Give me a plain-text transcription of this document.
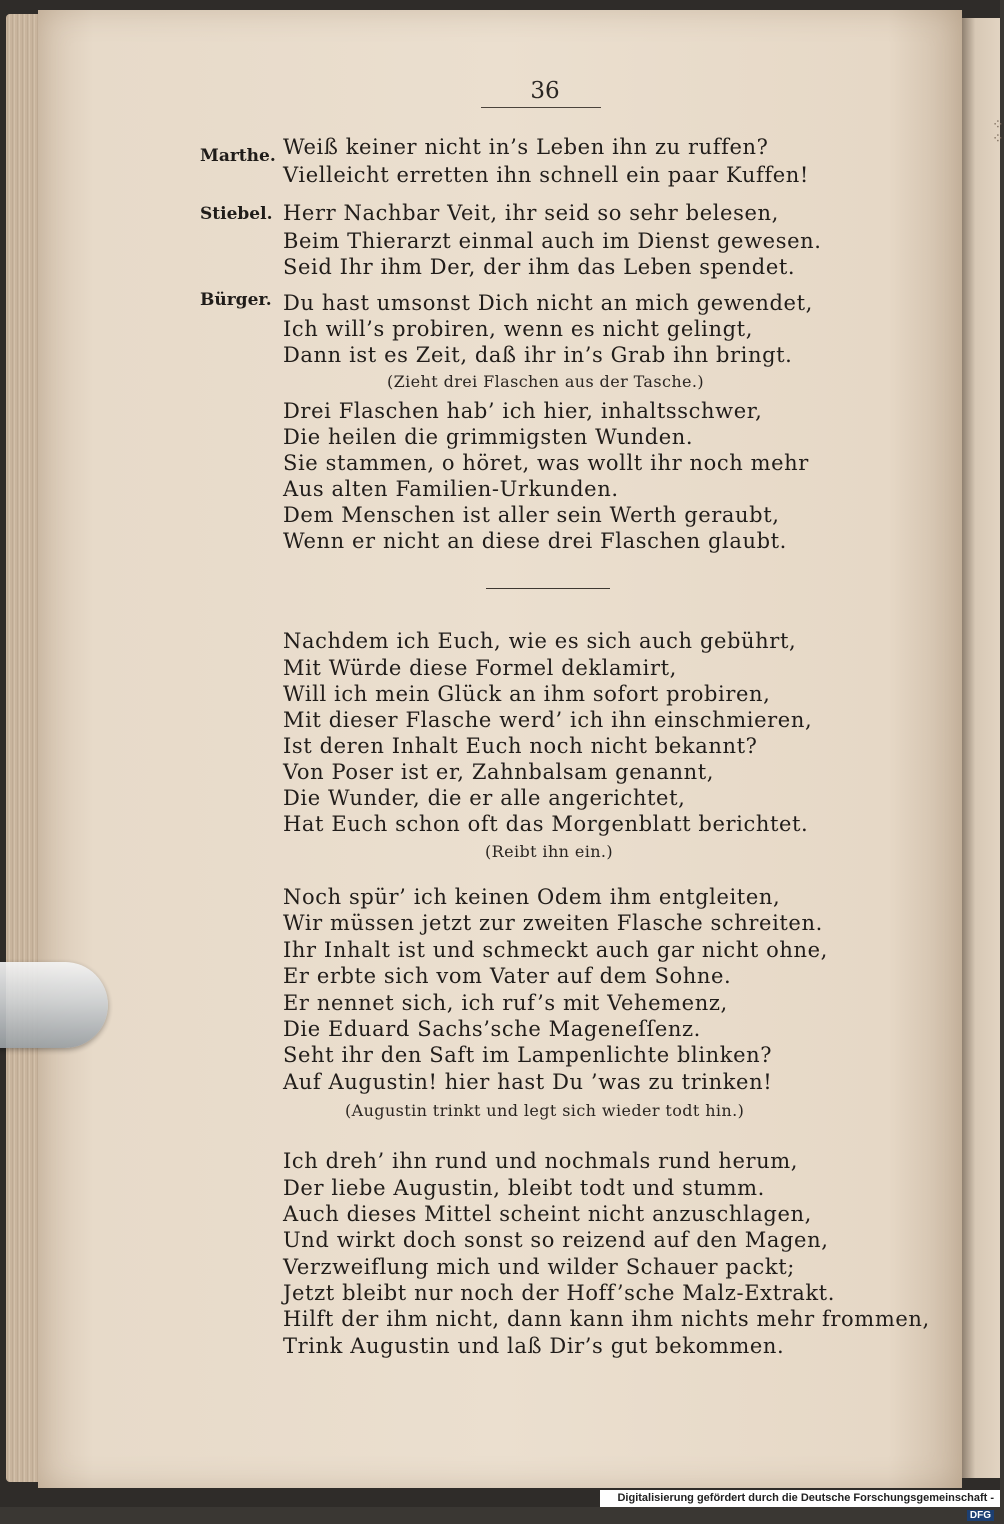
⁘
⁘
36
Marthe.
Stiebel.
Bürger.
Weiß keiner nicht in’s Leben ihn zu ruffen?
Vielleicht erretten ihn schnell ein paar Kuffen!
Herr Nachbar Veit, ihr seid so sehr belesen,
Beim Thierarzt einmal auch im Dienst gewesen.
Seid Ihr ihm Der, der ihm das Leben spendet.
Du hast umsonst Dich nicht an mich gewendet,
Ich will’s probiren, wenn es nicht gelingt,
Dann ist es Zeit, daß ihr in’s Grab ihn bringt.
(Zieht drei Flaschen aus der Tasche.)
Drei Flaschen hab’ ich hier, inhaltsschwer,
Die heilen die grimmigsten Wunden.
Sie stammen, o höret, was wollt ihr noch mehr
Aus alten Familien-Urkunden.
Dem Menschen ist aller sein Werth geraubt,
Wenn er nicht an diese drei Flaschen glaubt.
Nachdem ich Euch, wie es sich auch gebührt,
Mit Würde diese Formel deklamirt,
Will ich mein Glück an ihm sofort probiren,
Mit dieser Flasche werd’ ich ihn einschmieren,
Ist deren Inhalt Euch noch nicht bekannt?
Von Poser ist er, Zahnbalsam genannt,
Die Wunder, die er alle angerichtet,
Hat Euch schon oft das Morgenblatt berichtet.
(Reibt ihn ein.)
Noch spür’ ich keinen Odem ihm entgleiten,
Wir müssen jetzt zur zweiten Flasche schreiten.
Ihr Inhalt ist und schmeckt auch gar nicht ohne,
Er erbte sich vom Vater auf dem Sohne.
Er nennet sich, ich ruf’s mit Vehemenz,
Die Eduard Sachs’sche Mageneſſenz.
Seht ihr den Saft im Lampenlichte blinken?
Auf Augustin! hier hast Du ’was zu trinken!
(Augustin trinkt und legt sich wieder todt hin.)
Ich dreh’ ihn rund und nochmals rund herum,
Der liebe Augustin, bleibt todt und stumm.
Auch dieses Mittel scheint nicht anzuschlagen,
Und wirkt doch sonst so reizend auf den Magen,
Verzweiflung mich und wilder Schauer packt;
Jetzt bleibt nur noch der Hoff’sche Malz-Extrakt.
Hilft der ihm nicht, dann kann ihm nichts mehr frommen,
Trink Augustin und laß Dir’s gut bekommen.
Digitalisierung gefördert durch die Deutsche Forschungsgemeinschaft -DFG
